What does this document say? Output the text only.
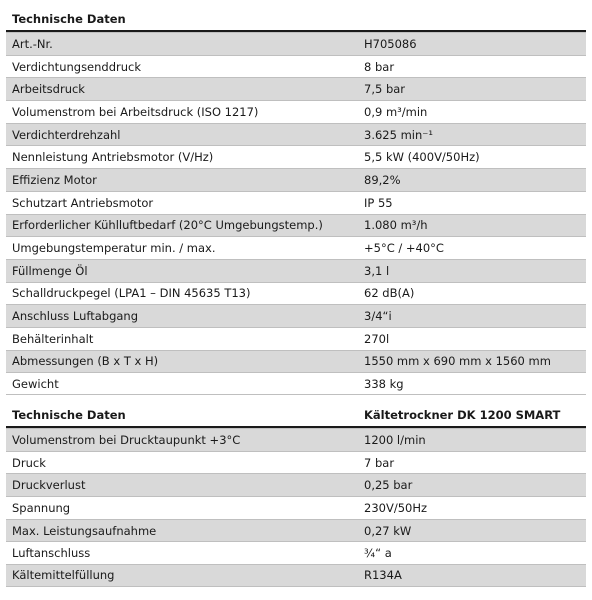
Technische Daten
Art.-Nr.	H705086
Verdichtungsenddruck	8 bar
Arbeitsdruck	7,5 bar
Volumenstrom bei Arbeitsdruck (ISO 1217)	0,9 m³/min
Verdichterdrehzahl	3.625 min⁻¹
Nennleistung Antriebsmotor (V/Hz)	5,5 kW (400V/50Hz)
Effizienz Motor	89,2%
Schutzart Antriebsmotor	IP 55
Erforderlicher Kühlluftbedarf (20°C Umgebungstemp.)	1.080 m³/h
Umgebungstemperatur min. / max.	+5°C / +40°C
Füllmenge Öl	3,1 l
Schalldruckpegel (LPA1 – DIN 45635 T13)	62 dB(A)
Anschluss Luftabgang	3/4“i
Behälterinhalt	270l
Abmessungen (B x T x H)	1550 mm x 690 mm x 1560 mm
Gewicht	338 kg
Technische Daten	Kältetrockner DK 1200 SMART
Volumenstrom bei Drucktaupunkt +3°C	1200 l/min
Druck	7 bar
Druckverlust	0,25 bar
Spannung	230V/50Hz
Max. Leistungsaufnahme	0,27 kW
Luftanschluss	¾“ a
Kältemittelfüllung	R134A
